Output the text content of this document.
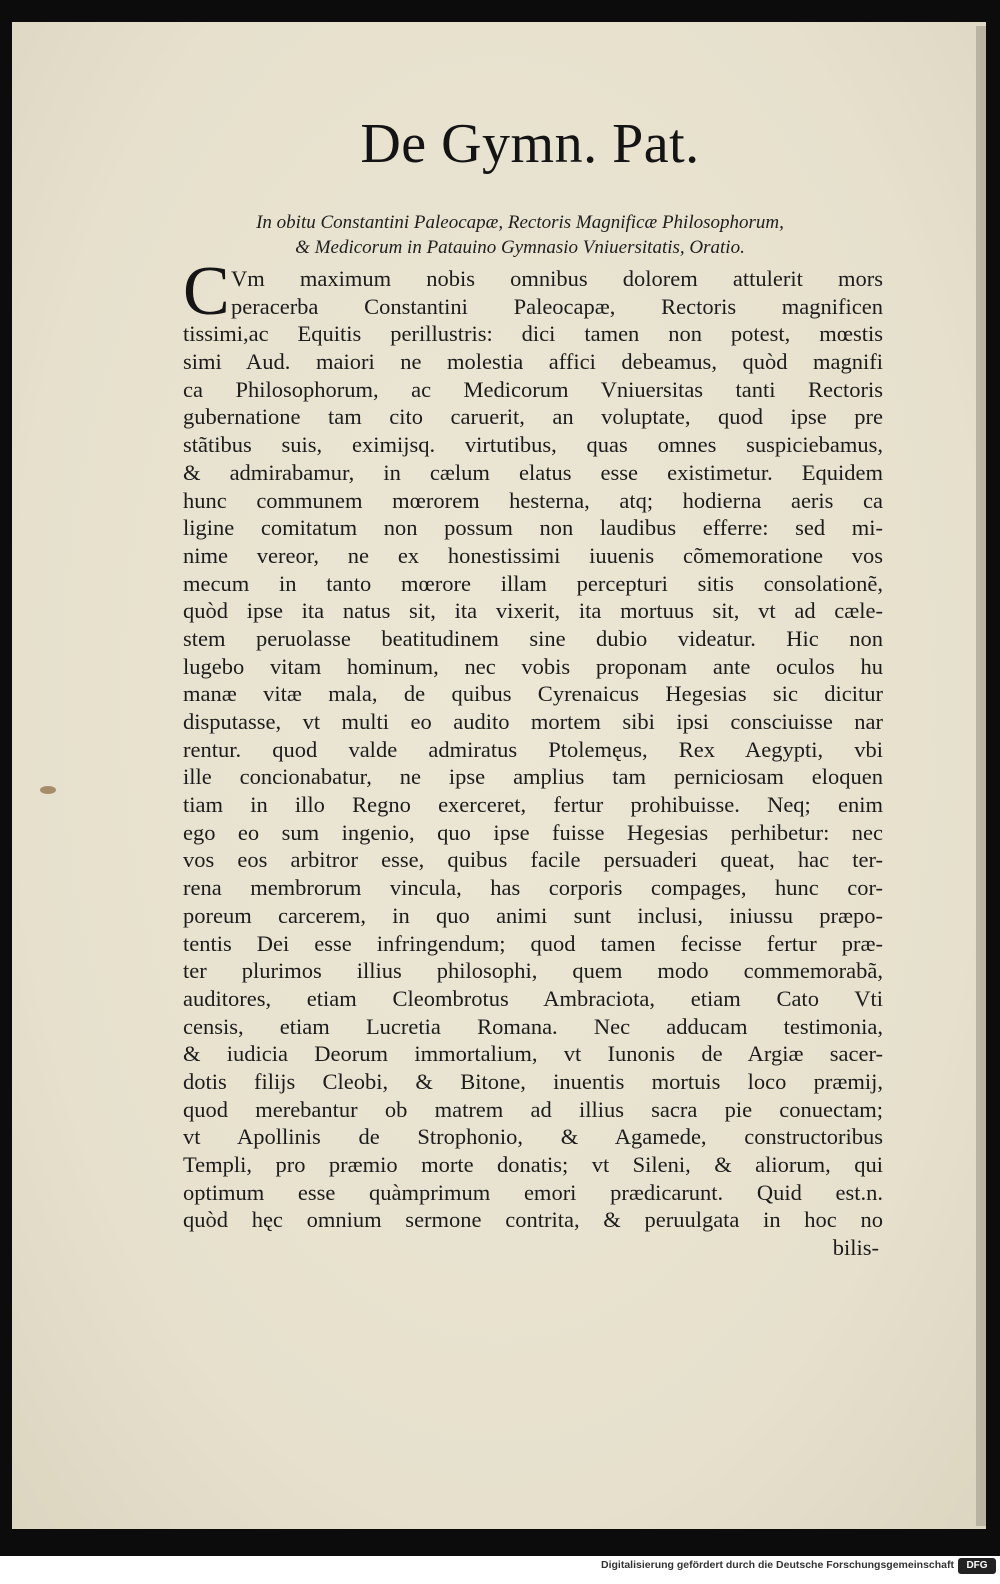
De Gymn. Pat.
In obitu Constantini Paleocapæ, Rectoris Magnificæ Philosophorum,
& Medicorum in Patauino Gymnasio Vniuersitatis, Oratio.
C Vm maximum nobis omnibus dolorem attulerit mors
peracerba Constantini Paleocapæ, Rectoris magnificen
tissimi,ac Equitis perillustris: dici tamen non potest, mœstis
simi Aud. maiori ne molestia affici debeamus, quòd magnifi
ca Philosophorum, ac Medicorum Vniuersitas tanti Rectoris
gubernatione tam cito caruerit, an voluptate, quod ipse pre
stãtibus suis, eximijsq. virtutibus, quas omnes suspiciebamus,
& admirabamur, in cælum elatus esse existimetur. Equidem
hunc communem mœrorem hesterna, atq; hodierna aeris ca
ligine comitatum non possum non laudibus efferre: sed mi-
nime vereor, ne ex honestissimi iuuenis cõmemoratione vos
mecum in tanto mœrore illam percepturi sitis consolationẽ,
quòd ipse ita natus sit, ita vixerit, ita mortuus sit, vt ad cæle-
stem peruolasse beatitudinem sine dubio videatur. Hic non
lugebo vitam hominum, nec vobis proponam ante oculos hu
manæ vitæ mala, de quibus Cyrenaicus Hegesias sic dicitur
disputasse, vt multi eo audito mortem sibi ipsi consciuisse nar
rentur. quod valde admiratus Ptolemęus, Rex Aegypti, vbi
ille concionabatur, ne ipse amplius tam perniciosam eloquen
tiam in illo Regno exerceret, fertur prohibuisse. Neq; enim
ego eo sum ingenio, quo ipse fuisse Hegesias perhibetur: nec
vos eos arbitror esse, quibus facile persuaderi queat, hac ter-
rena membrorum vincula, has corporis compages, hunc cor-
poreum carcerem, in quo animi sunt inclusi, iniussu præpo-
tentis Dei esse infringendum; quod tamen fecisse fertur præ-
ter plurimos illius philosophi, quem modo commemorabã,
auditores, etiam Cleombrotus Ambraciota, etiam Cato Vti
censis, etiam Lucretia Romana. Nec adducam testimonia,
& iudicia Deorum immortalium, vt Iunonis de Argiæ sacer-
dotis filijs Cleobi, & Bitone, inuentis mortuis loco præmij,
quod merebantur ob matrem ad illius sacra pie conuectam;
vt Apollinis de Strophonio, & Agamede, constructoribus
Templi, pro præmio morte donatis; vt Sileni, & aliorum, qui
optimum esse quàmprimum emori prædicarunt. Quid est.n.
quòd hęc omnium sermone contrita, & peruulgata in hoc no
bilis-
Digitalisierung gefördert durch die Deutsche Forschungsgemeinschaft	DFG
